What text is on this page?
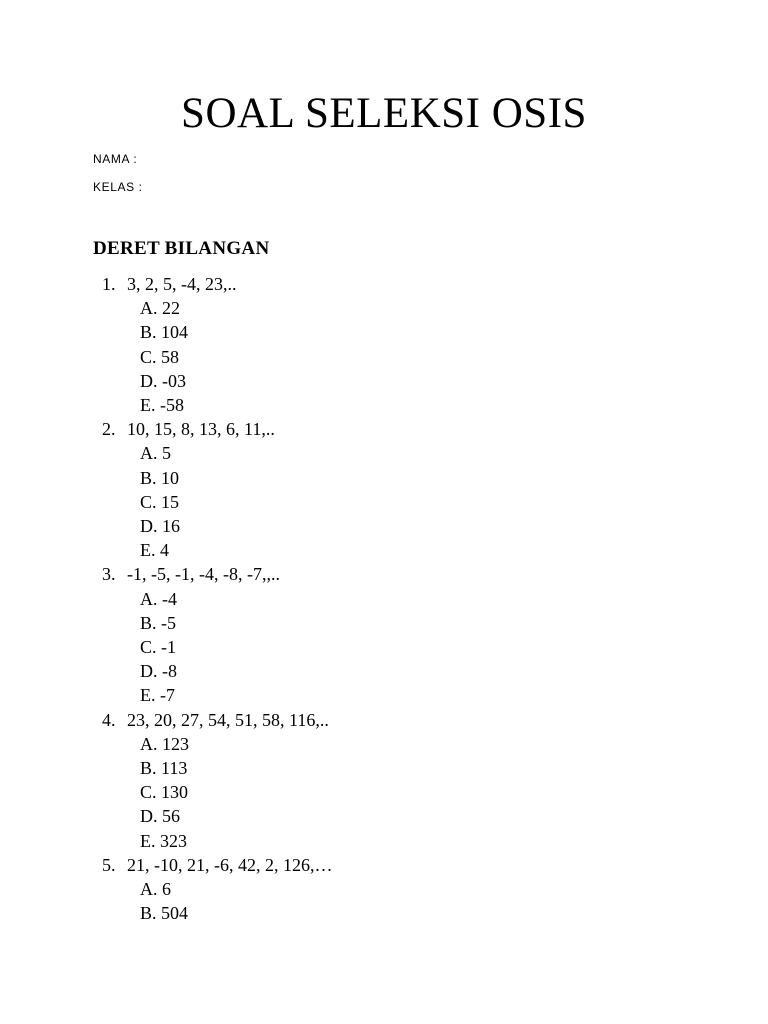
SOAL SELEKSI OSIS
NAMA :
KELAS :
DERET BILANGAN
1. 3, 2, 5, -4, 23,..
A. 22
B. 104
C. 58
D. -03
E. -58
2. 10, 15, 8, 13, 6, 11,..
A. 5
B. 10
C. 15
D. 16
E. 4
3. -1, -5, -1, -4, -8, -7,,..
A. -4
B. -5
C. -1
D. -8
E. -7
4. 23, 20, 27, 54, 51, 58, 116,..
A. 123
B. 113
C. 130
D. 56
E. 323
5. 21, -10, 21, -6, 42, 2, 126,…
A. 6
B. 504
